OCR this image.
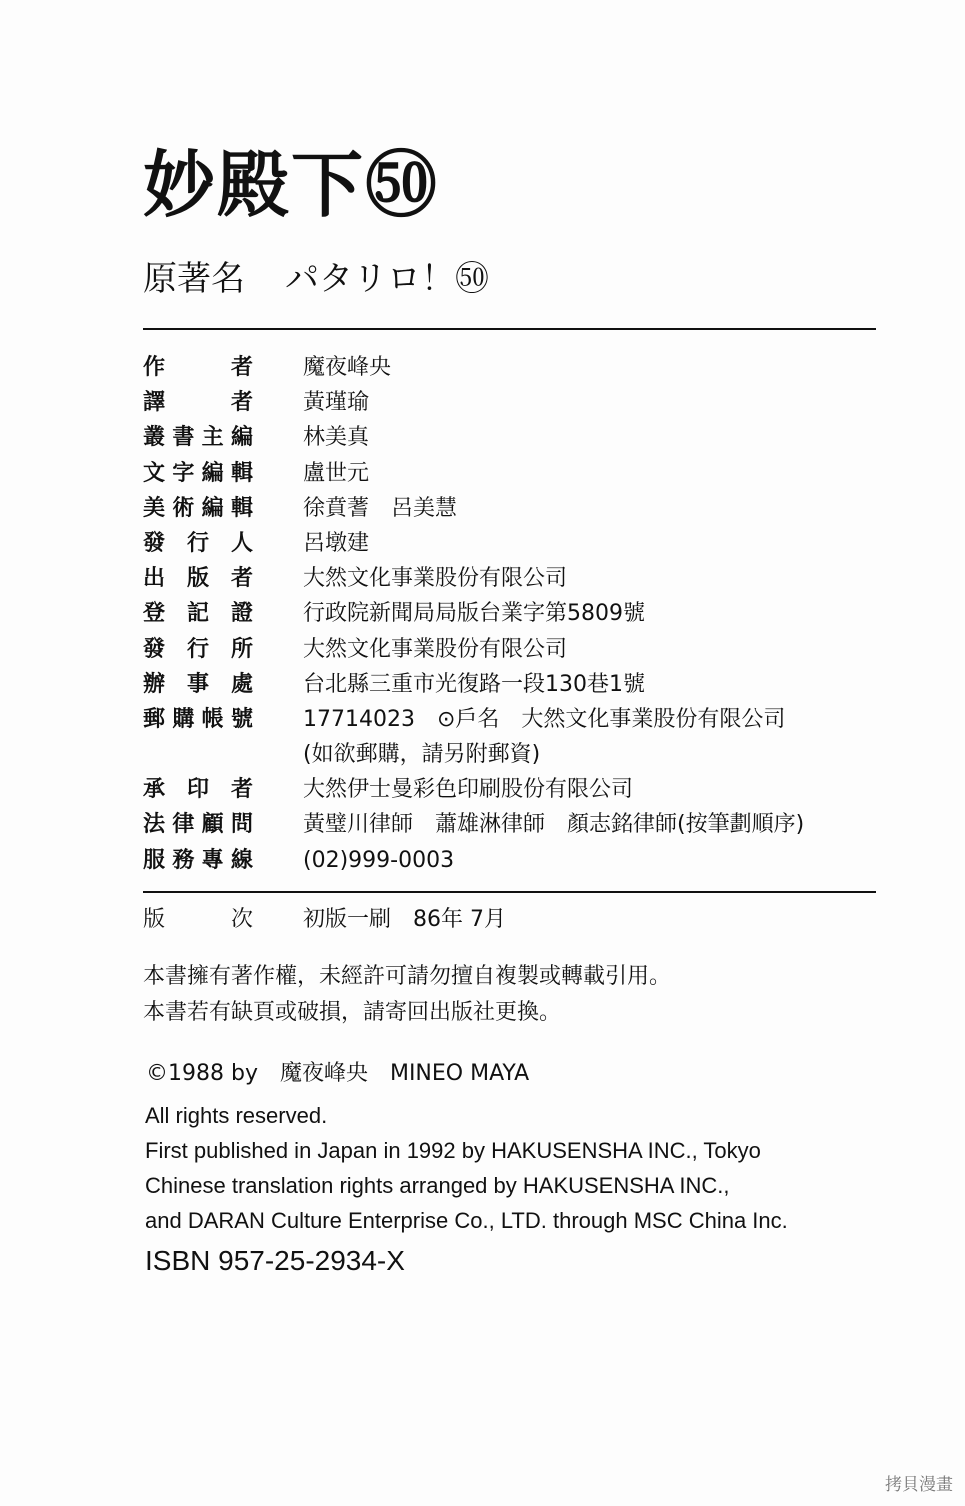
妙殿下㊿
原著名 パタリロ！㊿
作者 魔夜峰央
譯者 黃瑾瑜
叢書主編 林美真
文字編輯 盧世元
美術編輯 徐賁蓍　呂美慧
發行人 呂墩建
出版者 大然文化事業股份有限公司
登記證 行政院新聞局局版台業字第5809號
發行所 大然文化事業股份有限公司
辦事處 台北縣三重市光復路一段130巷1號
郵購帳號 17714023　⊙戶名　大然文化事業股份有限公司
(如欲郵購，請另附郵資)
承印者 大然伊士曼彩色印刷股份有限公司
法律顧問 黃璧川律師　蕭雄淋律師　顏志銘律師(按筆劃順序)
服務專線 (02)999-0003
版次 初版一刷　86年 7月
本書擁有著作權，未經許可請勿擅自複製或轉載引用。
本書若有缺頁或破損，請寄回出版社更換。
©1988 by　魔夜峰央　MINEO MAYA
All rights reserved.
First published in Japan in 1992 by HAKUSENSHA INC., Tokyo
Chinese translation rights arranged by HAKUSENSHA INC.,
and DARAN Culture Enterprise Co., LTD. through MSC China Inc.
ISBN 957-25-2934-X
拷貝漫畫
